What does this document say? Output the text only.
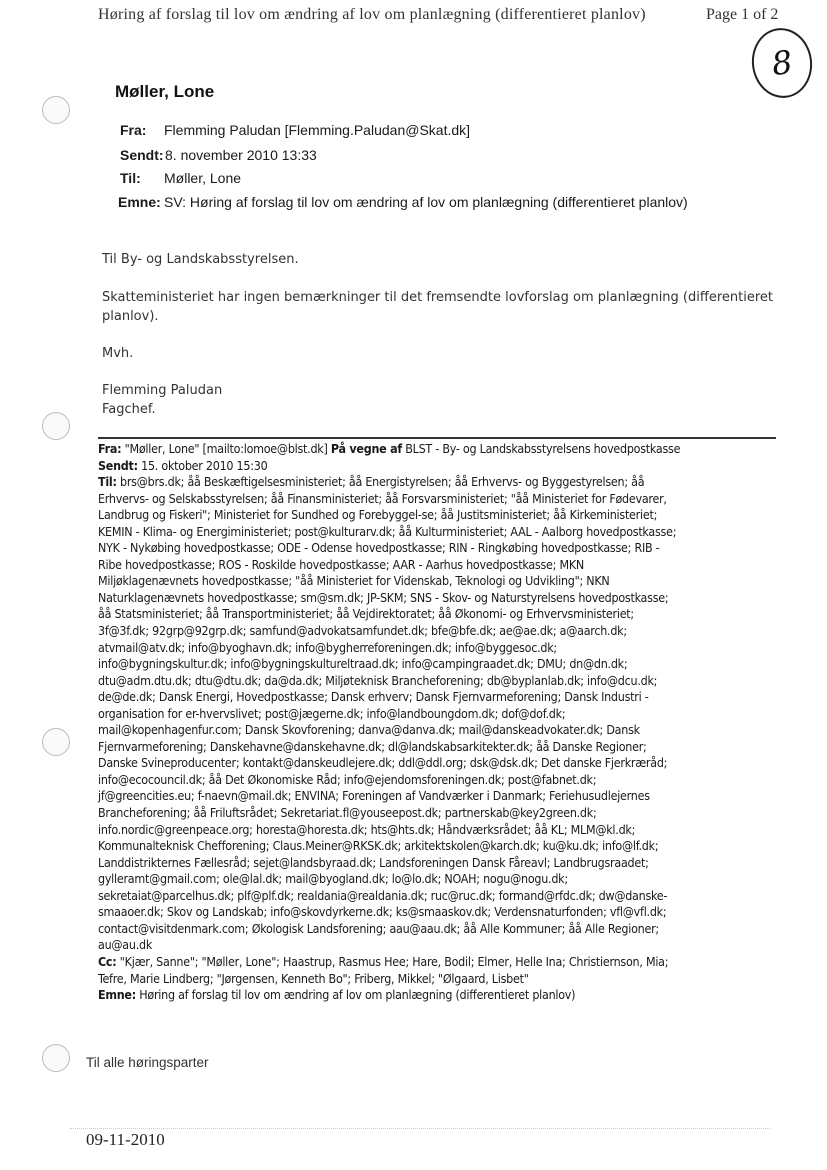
Høring af forslag til lov om ændring af lov om planlægning (differentieret planlov)	Page 1 of 2
8
Møller, Lone
Fra:	Flemming Paludan [Flemming.Paludan@Skat.dk]
Sendt: 8. november 2010 13:33
Til:	Møller, Lone
Emne: SV: Høring af forslag til lov om ændring af lov om planlægning (differentieret planlov)
Til By- og Landskabsstyrelsen.
Skatteministeriet har ingen bemærkninger til det fremsendte lovforslag om planlægning (differentieret
planlov).
Mvh.
Flemming Paludan
Fagchef.
Fra: "Møller, Lone" [mailto:lomoe@blst.dk] På vegne af BLST - By- og Landskabsstyrelsens hovedpostkasse
Sendt: 15. oktober 2010 15:30
Til: brs@brs.dk; åå Beskæftigelsesministeriet; åå Energistyrelsen; åå Erhvervs- og Byggestyrelsen; åå
Erhvervs- og Selskabsstyrelsen; åå Finansministeriet; åå Forsvarsministeriet; "åå Ministeriet for Fødevarer,
Landbrug og Fiskeri"; Ministeriet for Sundhed og Forebyggel-se; åå Justitsministeriet; åå Kirkeministeriet;
KEMIN - Klima- og Energiministeriet; post@kulturarv.dk; åå Kulturministeriet; AAL - Aalborg hovedpostkasse;
NYK - Nykøbing hovedpostkasse; ODE - Odense hovedpostkasse; RIN - Ringkøbing hovedpostkasse; RIB -
Ribe hovedpostkasse; ROS - Roskilde hovedpostkasse; AAR - Aarhus hovedpostkasse; MKN
Miljøklagenævnets hovedpostkasse; "åå Ministeriet for Videnskab, Teknologi og Udvikling"; NKN
Naturklagenævnets hovedpostkasse; sm@sm.dk; JP-SKM; SNS - Skov- og Naturstyrelsens hovedpostkasse;
åå Statsministeriet; åå Transportministeriet; åå Vejdirektoratet; åå Økonomi- og Erhvervsministeriet;
3f@3f.dk; 92grp@92grp.dk; samfund@advokatsamfundet.dk; bfe@bfe.dk; ae@ae.dk; a@aarch.dk;
atvmail@atv.dk; info@byoghavn.dk; info@bygherreforeningen.dk; info@byggesoc.dk;
info@bygningskultur.dk; info@bygningskultureltraad.dk; info@campingraadet.dk; DMU; dn@dn.dk;
dtu@adm.dtu.dk; dtu@dtu.dk; da@da.dk; Miljøteknisk Brancheforening; db@byplanlab.dk; info@dcu.dk;
de@de.dk; Dansk Energi, Hovedpostkasse; Dansk erhverv; Dansk Fjernvarmeforening; Dansk Industri -
organisation for er-hvervslivet; post@jægerne.dk; info@landboungdom.dk; dof@dof.dk;
mail@kopenhagenfur.com; Dansk Skovforening; danva@danva.dk; mail@danskeadvokater.dk; Dansk
Fjernvarmeforening; Danskehavne@danskehavne.dk; dl@landskabsarkitekter.dk; åå Danske Regioner;
Danske Svineproducenter; kontakt@danskeudlejere.dk; ddl@ddl.org; dsk@dsk.dk; Det danske Fjerkræråd;
info@ecocouncil.dk; åå Det Økonomiske Råd; info@ejendomsforeningen.dk; post@fabnet.dk;
jf@greencities.eu; f-naevn@mail.dk; ENVINA; Foreningen af Vandværker i Danmark; Feriehusudlejernes
Brancheforening; åå Friluftsrådet; Sekretariat.fl@youseepost.dk; partnerskab@key2green.dk;
info.nordic@greenpeace.org; horesta@horesta.dk; hts@hts.dk; Håndværksrådet; åå KL; MLM@kl.dk;
Kommunalteknisk Chefforening; Claus.Meiner@RKSK.dk; arkitektskolen@karch.dk; ku@ku.dk; info@lf.dk;
Landdistrikternes Fællesråd; sejet@landsbyraad.dk; Landsforeningen Dansk Fåreavl; Landbrugsraadet;
gylleramt@gmail.com; ole@lal.dk; mail@byogland.dk; lo@lo.dk; NOAH; nogu@nogu.dk;
sekretaiat@parcelhus.dk; plf@plf.dk; realdania@realdania.dk; ruc@ruc.dk; formand@rfdc.dk; dw@danske-
smaaoer.dk; Skov og Landskab; info@skovdyrkerne.dk; ks@smaaskov.dk; Verdensnaturfonden; vfl@vfl.dk;
contact@visitdenmark.com; Økologisk Landsforening; aau@aau.dk; åå Alle Kommuner; åå Alle Regioner;
au@au.dk
Cc: "Kjær, Sanne"; "Møller, Lone"; Haastrup, Rasmus Hee; Hare, Bodil; Elmer, Helle Ina; Christiernson, Mia;
Tefre, Marie Lindberg; "Jørgensen, Kenneth Bo"; Friberg, Mikkel; "Ølgaard, Lisbet"
Emne: Høring af forslag til lov om ændring af lov om planlægning (differentieret planlov)
Til alle høringsparter
09-11-2010
